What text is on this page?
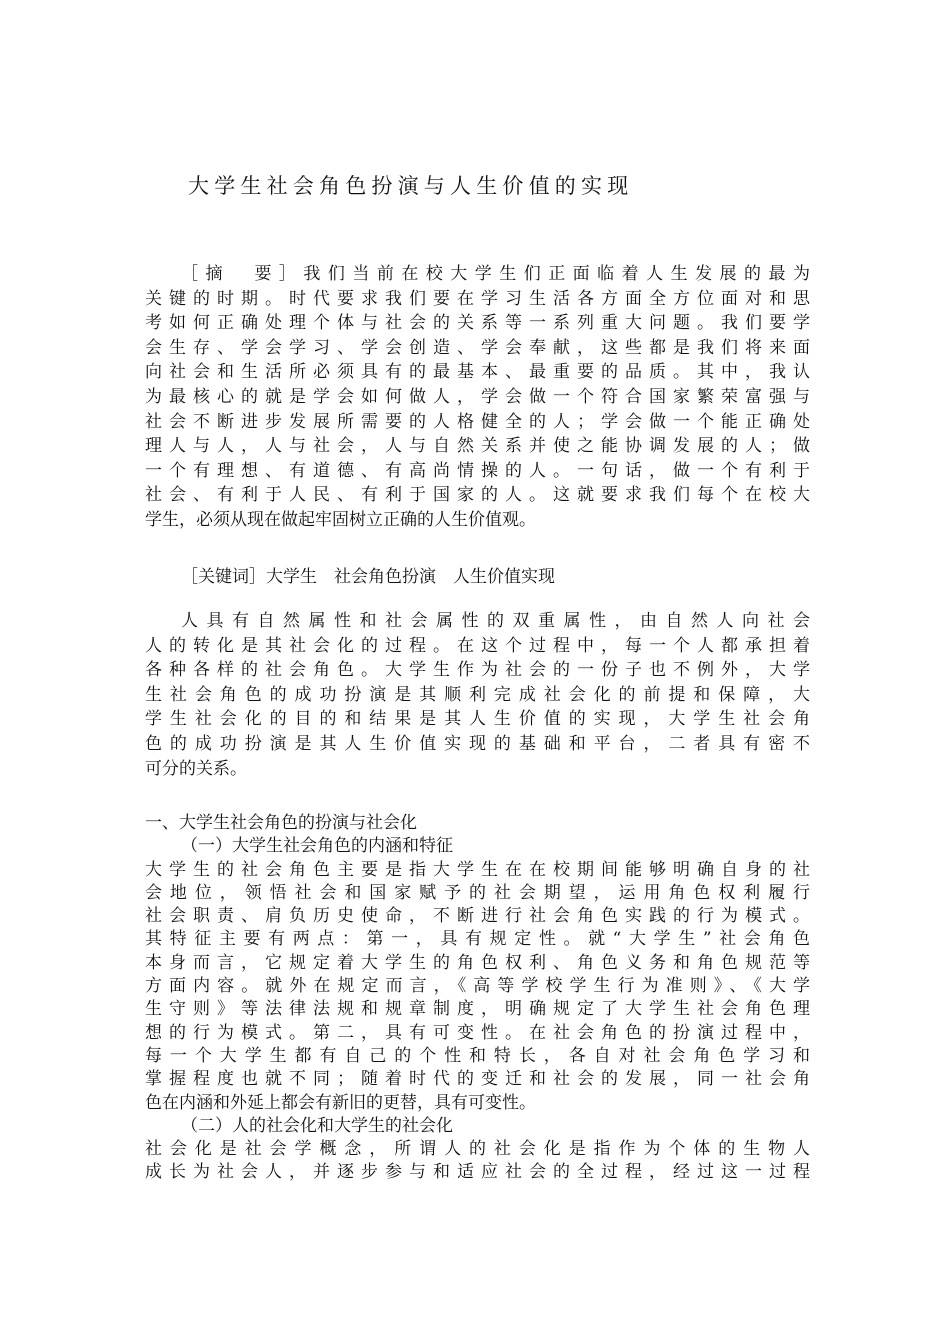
大学生社会角色扮演与人生价值的实现
［摘　要］我们当前在校大学生们正面临着人生发展的最为
关键的时期。时代要求我们要在学习生活各方面全方位面对和思
考如何正确处理个体与社会的关系等一系列重大问题。我们要学
会生存、学会学习、学会创造、学会奉献，这些都是我们将来面
向社会和生活所必须具有的最基本、最重要的品质。其中，我认
为最核心的就是学会如何做人，学会做一个符合国家繁荣富强与
社会不断进步发展所需要的人格健全的人；学会做一个能正确处
理人与人，人与社会，人与自然关系并使之能协调发展的人；做
一个有理想、有道德、有高尚情操的人。一句话，做一个有利于
社会、有利于人民、有利于国家的人。这就要求我们每个在校大
学生，必须从现在做起牢固树立正确的人生价值观。
［关键词］大学生　社会角色扮演　人生价值实现
人具有自然属性和社会属性的双重属性，由自然人向社会
人的转化是其社会化的过程。在这个过程中，每一个人都承担着
各种各样的社会角色。大学生作为社会的一份子也不例外，大学
生社会角色的成功扮演是其顺利完成社会化的前提和保障，大
学生社会化的目的和结果是其人生价值的实现，大学生社会角
色的成功扮演是其人生价值实现的基础和平台，二者具有密不
可分的关系。
一、大学生社会角色的扮演与社会化
（一）大学生社会角色的内涵和特征
大学生的社会角色主要是指大学生在在校期间能够明确自身的社
会地位，领悟社会和国家赋予的社会期望，运用角色权利履行
社会职责、肩负历史使命，不断进行社会角色实践的行为模式。
其特征主要有两点：第一，具有规定性。就“大学生”社会角色
本身而言，它规定着大学生的角色权利、角色义务和角色规范等
方面内容。就外在规定而言，《高等学校学生行为准则》、《大学
生守则》等法律法规和规章制度，明确规定了大学生社会角色理
想的行为模式。第二，具有可变性。在社会角色的扮演过程中，
每一个大学生都有自己的个性和特长，各自对社会角色学习和
掌握程度也就不同；随着时代的变迁和社会的发展，同一社会角
色在内涵和外延上都会有新旧的更替，具有可变性。
（二）人的社会化和大学生的社会化
社会化是社会学概念，所谓人的社会化是指作为个体的生物人
成长为社会人，并逐步参与和适应社会的全过程，经过这一过程
